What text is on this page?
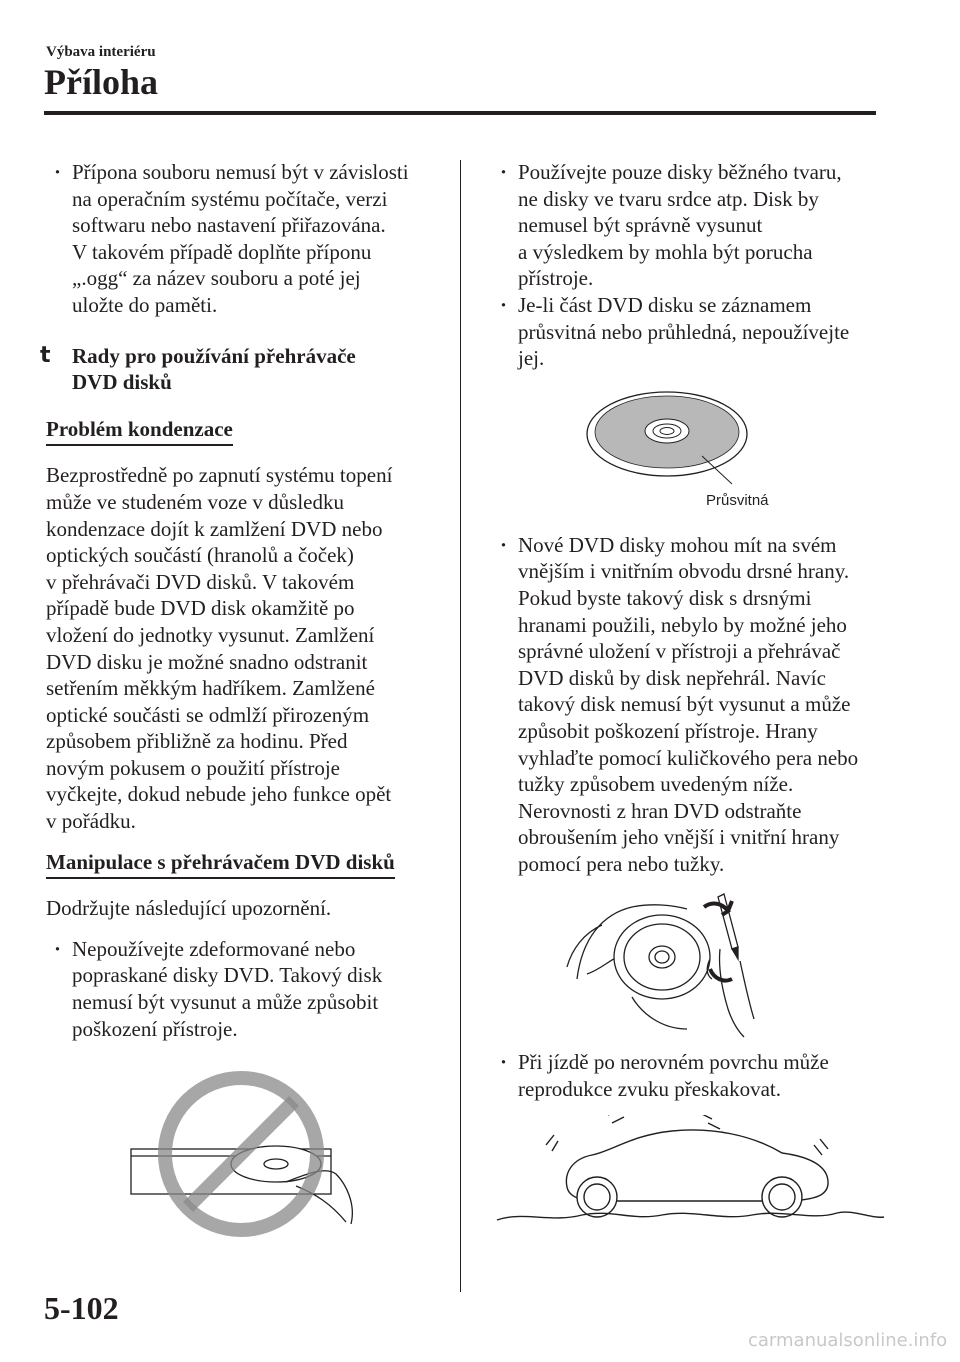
Výbava interiéru
Příloha

· Přípona souboru nemusí být v závislosti

na operačním systému počítače, verzi

softwaru nebo nastavení přiřazována.

V takovém případě doplňte příponu

„.ogg“ za název souboru a poté jej

uložte do paměti.

t Rady pro používání přehrávače

DVD disků

Problém kondenzace

Bezprostředně po zapnutí systému topení

může ve studeném voze v důsledku

kondenzace dojít k zamlžení DVD nebo

optických součástí (hranolů a čoček)

v přehrávači DVD disků. V takovém

případě bude DVD disk okamžitě po

vložení do jednotky vysunut. Zamlžení

DVD disku je možné snadno odstranit

setřením měkkým hadříkem. Zamlžené

optické součásti se odmlží přirozeným

způsobem přibližně za hodinu. Před

novým pokusem o použití přístroje

vyčkejte, dokud nebude jeho funkce opět

v pořádku.

Manipulace s přehrávačem DVD disků

Dodržujte následující upozornění.

· Nepoužívejte zdeformované nebo

popraskané disky DVD. Takový disk

nemusí být vysunut a může způsobit

poškození přístroje.

· Používejte pouze disky běžného tvaru,

ne disky ve tvaru srdce atp. Disk by

nemusel být správně vysunut

a výsledkem by mohla být porucha

přístroje.

· Je-li část DVD disku se záznamem

průsvitná nebo průhledná, nepoužívejte

jej.

Průsvitná

· Nové DVD disky mohou mít na svém

vnějším i vnitřním obvodu drsné hrany.

Pokud byste takový disk s drsnými

hranami použili, nebylo by možné jeho

správné uložení v přístroji a přehrávač

DVD disků by disk nepřehrál. Navíc

takový disk nemusí být vysunut a může

způsobit poškození přístroje. Hrany

vyhlaďte pomocí kuličkového pera nebo

tužky způsobem uvedeným níže.

Nerovnosti z hran DVD odstraňte

obroušením jeho vnější i vnitřní hrany

pomocí pera nebo tužky.

· Při jízdě po nerovném povrchu může

reprodukce zvuku přeskakovat.

5-102
carmanualsonline.info
